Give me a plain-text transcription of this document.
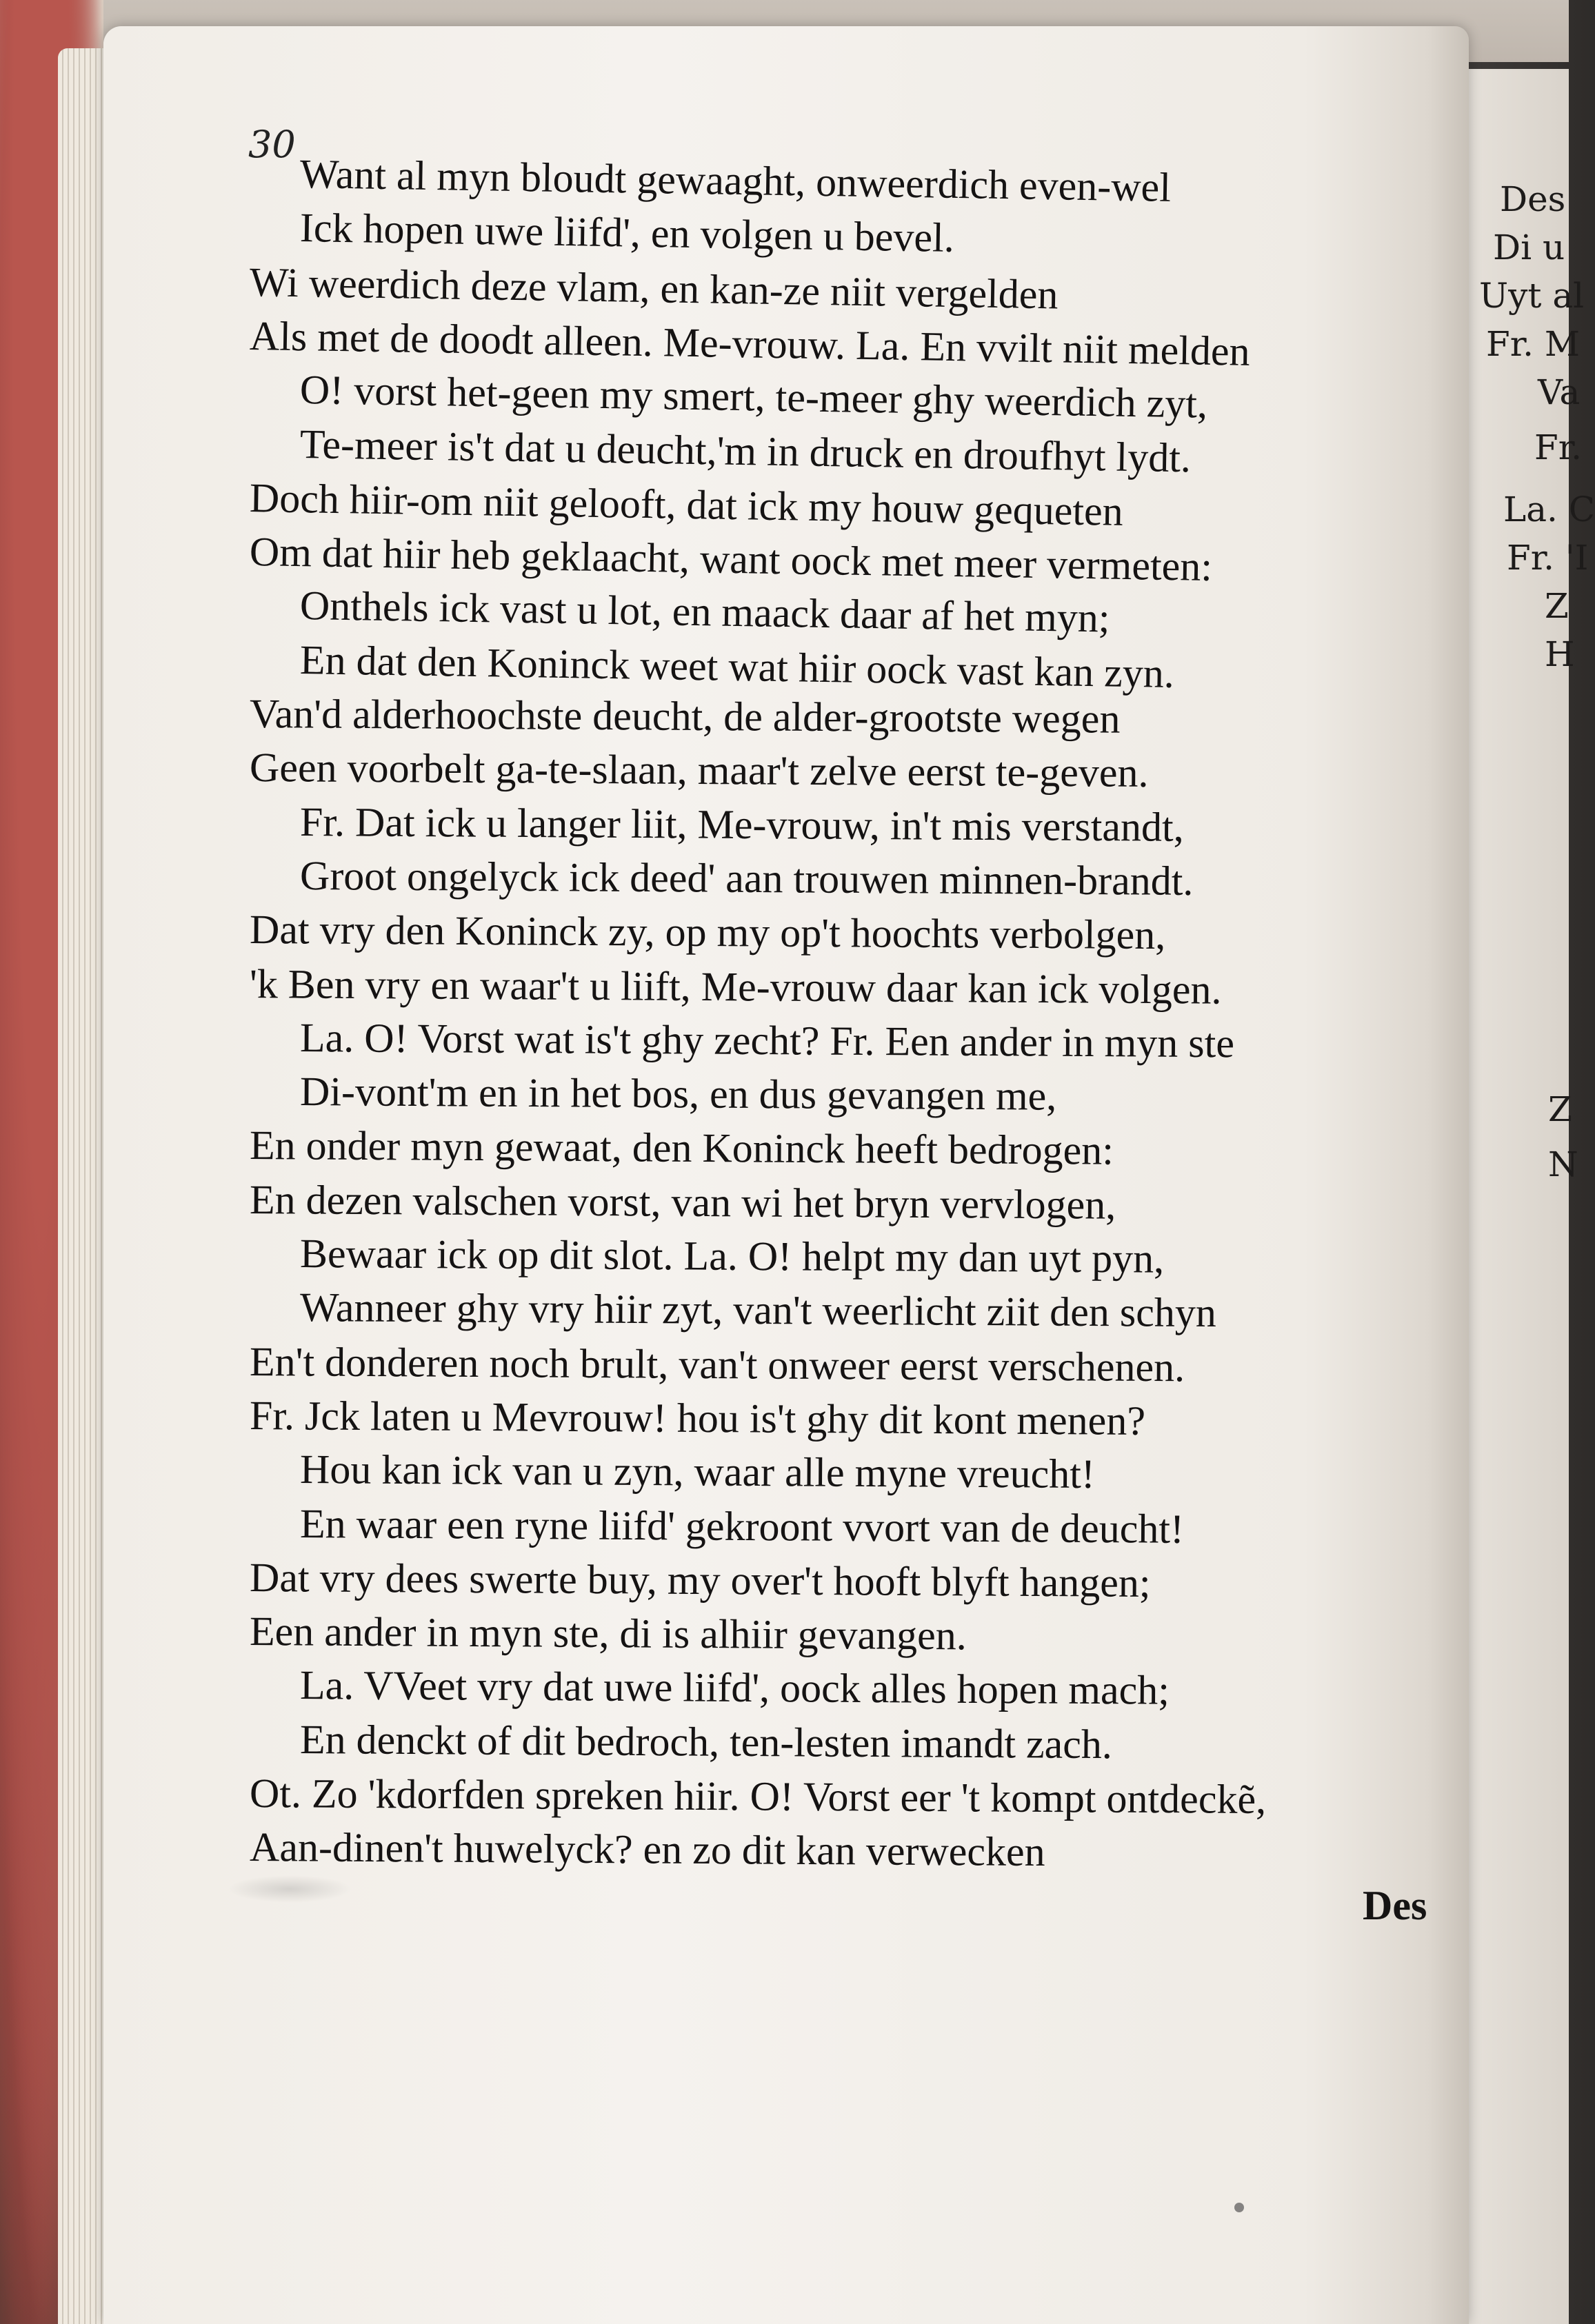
Des
Di u
Uyt al
Fr. M
Va
Fr.
La. C
Fr. 'I
Z
H
Z
N
30
Want al myn bloudt gewaaght, onweerdich even-wel
Ick hopen uwe liifd', en volgen u bevel.
Wi weerdich deze vlam, en kan-ze niit vergelden
Als met de doodt alleen. Me-vrouw. La. En vvilt niit melden
O! vorst het-geen my smert, te-meer ghy weerdich zyt,
Te-meer is't dat u deucht,'m in druck en droufhyt lydt.
Doch hiir-om niit gelooft, dat ick my houw gequeten
Om dat hiir heb geklaacht, want oock met meer vermeten:
Onthels ick vast u lot, en maack daar af het myn;
En dat den Koninck weet wat hiir oock vast kan zyn.
Van'd alderhoochste deucht, de alder-grootste wegen
Geen voorbelt ga-te-slaan, maar't zelve eerst te-geven.
Fr. Dat ick u langer liit, Me-vrouw, in't mis verstandt,
Groot ongelyck ick deed' aan trouwen minnen-brandt.
Dat vry den Koninck zy, op my op't hoochts verbolgen,
'k Ben vry en waar't u liift, Me-vrouw daar kan ick volgen.
La. O! Vorst wat is't ghy zecht? Fr. Een ander in myn ste
Di-vont'm en in het bos, en dus gevangen me,
En onder myn gewaat, den Koninck heeft bedrogen:
En dezen valschen vorst, van wi het bryn vervlogen,
Bewaar ick op dit slot. La. O! helpt my dan uyt pyn,
Wanneer ghy vry hiir zyt, van't weerlicht ziit den schyn
En't donderen noch brult, van't onweer eerst verschenen.
Fr. Jck laten u Mevrouw! hou is't ghy dit kont menen?
Hou kan ick van u zyn, waar alle myne vreucht!
En waar een ryne liifd' gekroont vvort van de deucht!
Dat vry dees swerte buy, my over't hooft blyft hangen;
Een ander in myn ste, di is alhiir gevangen.
La. VVeet vry dat uwe liifd', oock alles hopen mach;
En denckt of dit bedroch, ten-lesten imandt zach.
Ot. Zo 'kdorfden spreken hiir. O! Vorst eer 't kompt ontdeckẽ,
Aan-dinen't huwelyck? en zo dit kan verwecken
Des
